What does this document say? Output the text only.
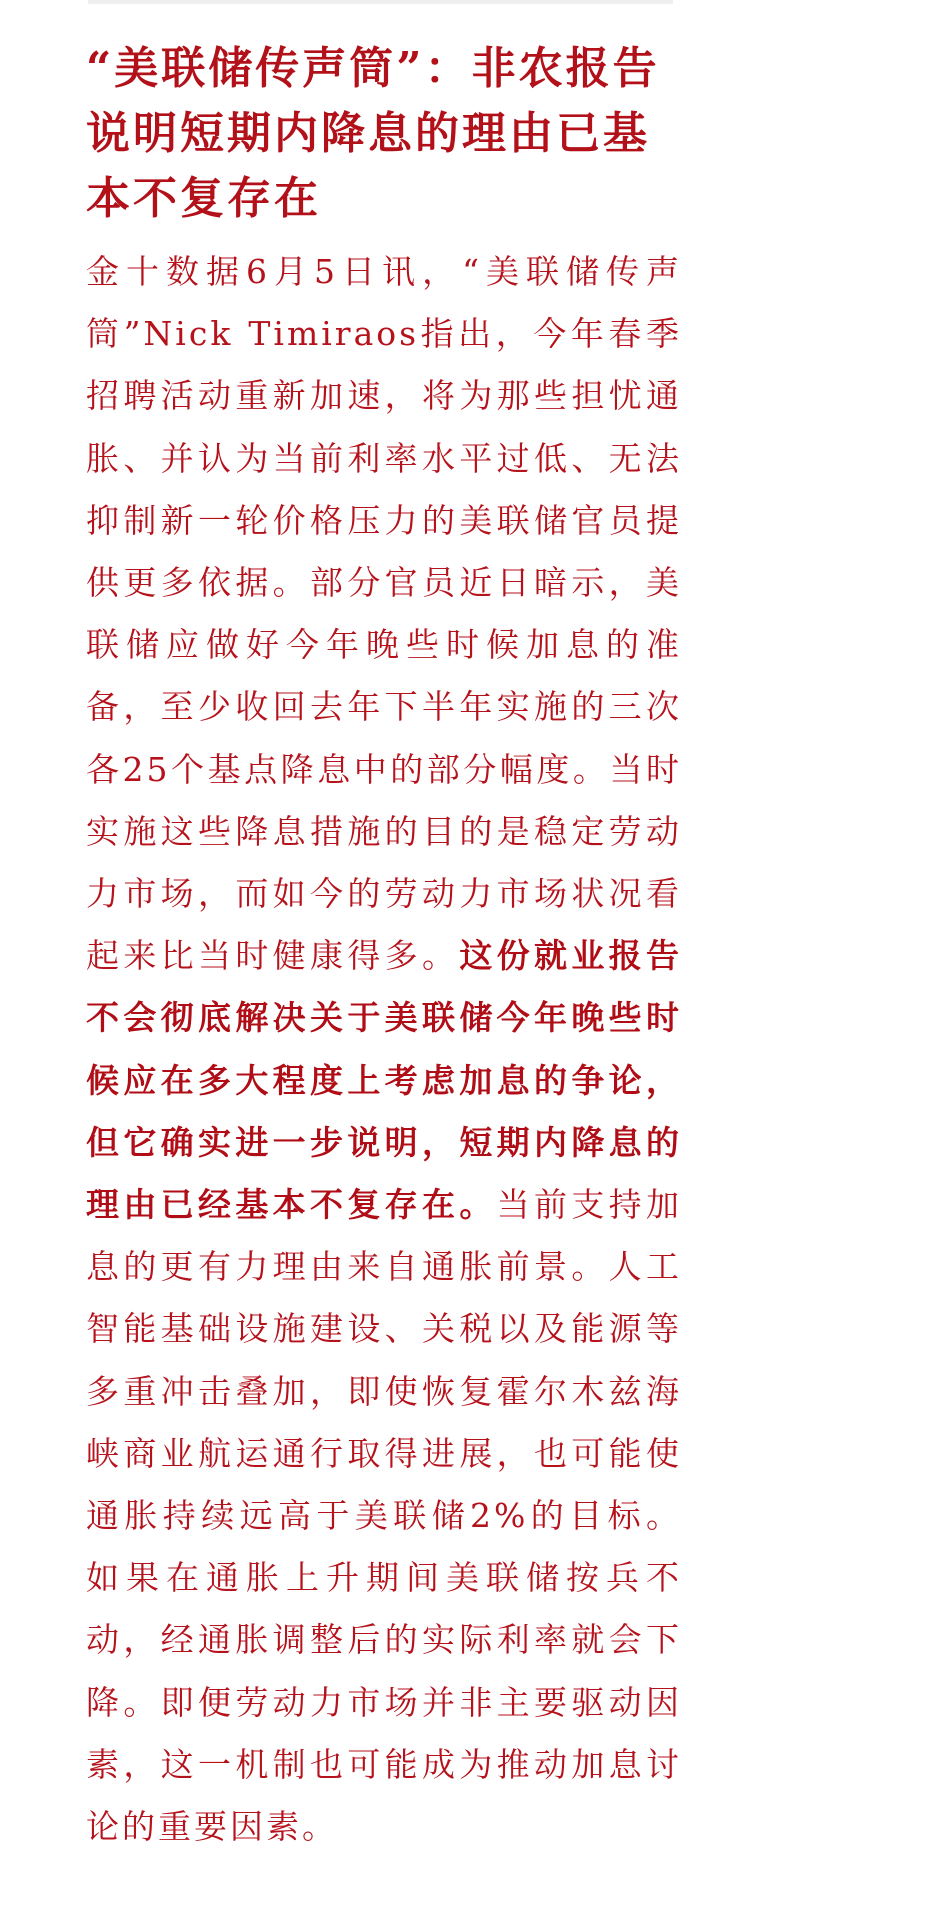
“美联储传声筒”：非农报告说明短期内降息的理由已基本不复存在

金十数据6月5日讯，“美联储传声筒”Nick Timiraos指出，今年春季招聘活动重新加速，将为那些担忧通胀、并认为当前利率水平过低、无法抑制新一轮价格压力的美联储官员提供更多依据。部分官员近日暗示，美联储应做好今年晚些时候加息的准备，至少收回去年下半年实施的三次各25个基点降息中的部分幅度。当时实施这些降息措施的目的是稳定劳动力市场，而如今的劳动力市场状况看起来比当时健康得多。这份就业报告不会彻底解决关于美联储今年晚些时候应在多大程度上考虑加息的争论，但它确实进一步说明，短期内降息的理由已经基本不复存在。当前支持加息的更有力理由来自通胀前景。人工智能基础设施建设、关税以及能源等多重冲击叠加，即使恢复霍尔木兹海峡商业航运通行取得进展，也可能使通胀持续远高于美联储2%的目标。如果在通胀上升期间美联储按兵不动，经通胀调整后的实际利率就会下降。即便劳动力市场并非主要驱动因素，这一机制也可能成为推动加息讨论的重要因素。
